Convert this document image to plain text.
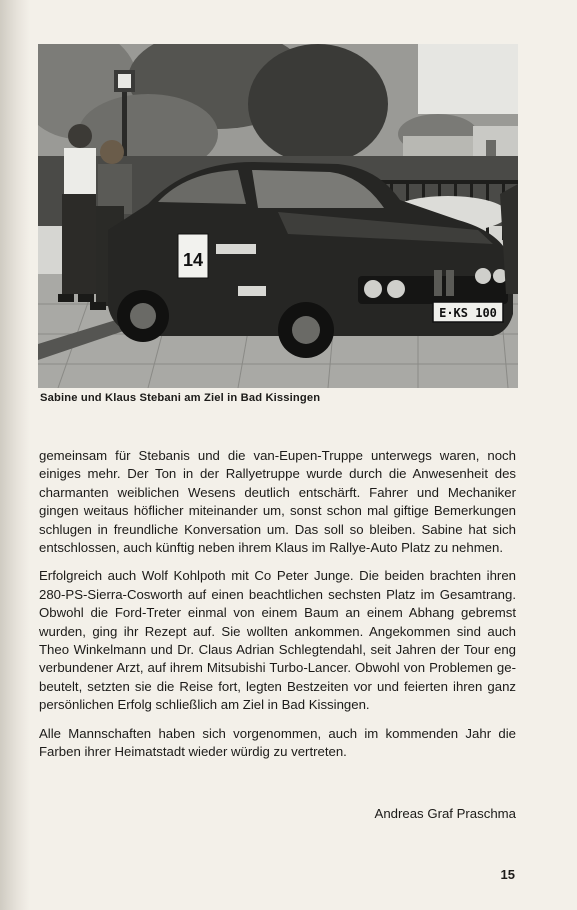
E·KS 100
14
Sabine und Klaus Stebani am Ziel in Bad Kissingen

gemeinsam für Stebanis und die van-Eupen-Truppe unterwegs waren, noch einiges mehr. Der Ton in der Rallyetruppe wurde durch die Anwesenheit des charmanten weiblichen Wesens deutlich entschärft. Fahrer und Mechaniker gingen weitaus höflicher miteinander um, sonst schon mal giftige Bemerkungen schlugen in freundliche Konversation um. Das soll so bleiben. Sabine hat sich entschlossen, auch künftig neben ihrem Klaus im Rallye-Auto Platz zu nehmen.

Erfolgreich auch Wolf Kohlpoth mit Co Peter Junge. Die beiden brachten ihren 280-PS-Sierra-Cosworth auf einen beachtlichen sechsten Platz im Gesamtrang. Obwohl die Ford-Treter einmal von einem Baum an einem Abhang gebremst wurden, ging ihr Rezept auf. Sie wollten ankommen. Angekommen sind auch Theo Winkelmann und Dr. Claus Adrian Schlegtendahl, seit Jahren der Tour eng verbundener Arzt, auf ihrem Mitsubishi Turbo-Lancer. Obwohl von Problemen gebeutelt, setzten sie die Reise fort, legten Bestzeiten vor und feierten ihren ganz persönlichen Erfolg schließlich am Ziel in Bad Kissingen.

Alle Mannschaften haben sich vorgenommen, auch im kommenden Jahr die Farben ihrer Heimatstadt wieder würdig zu vertreten.

Andreas Graf Praschma
15
